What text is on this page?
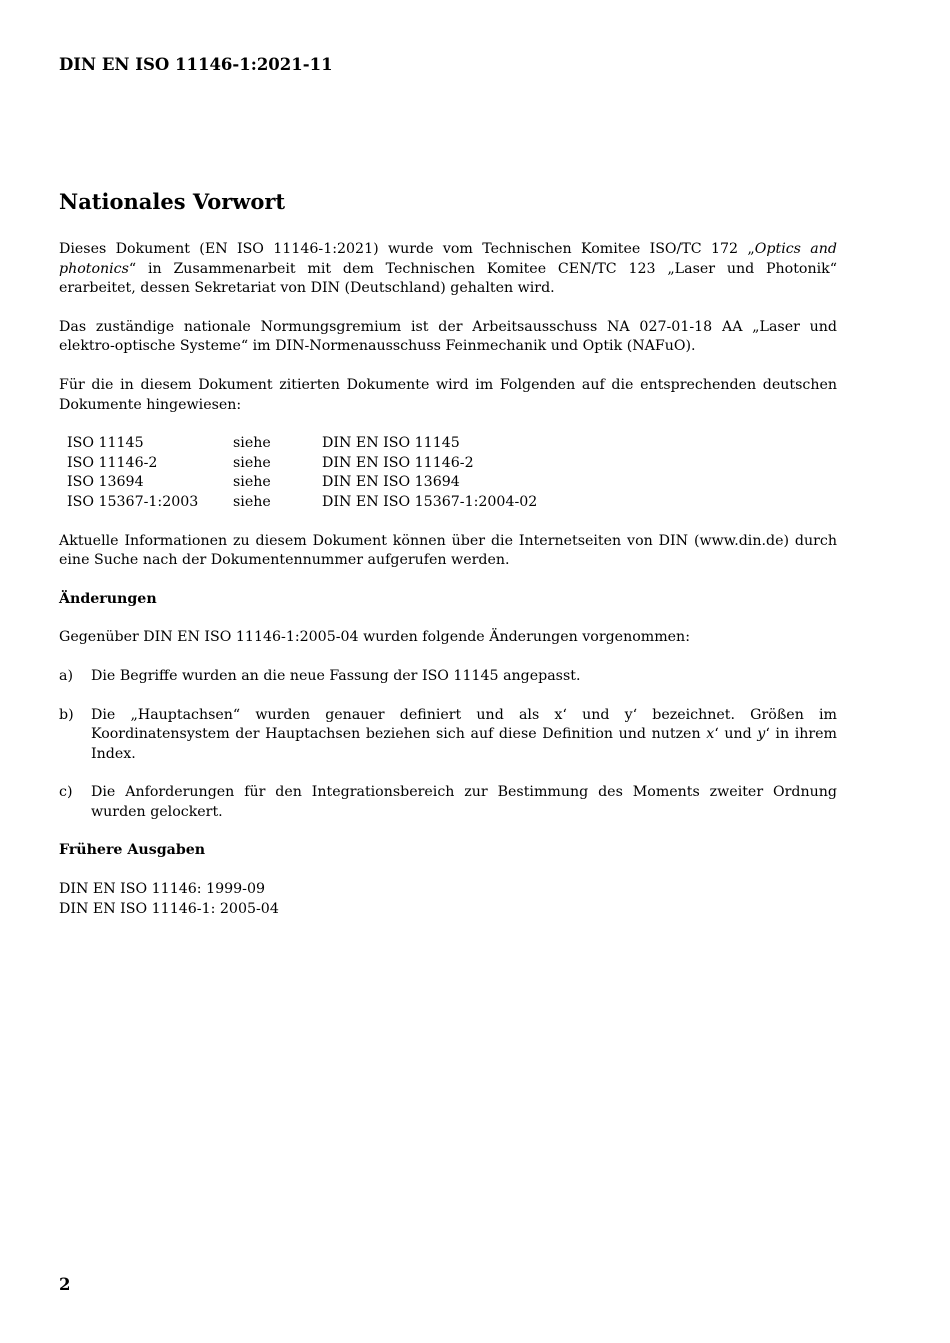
DIN EN ISO 11146-1:2021-11
Nationales Vorwort

Dieses Dokument (EN ISO 11146-1:2021) wurde vom Technischen Komitee ISO/TC 172 „Optics and photonics“ in Zusammenarbeit mit dem Technischen Komitee CEN/TC 123 „Laser und Photonik“ erarbeitet, dessen Sekretariat von DIN (Deutschland) gehalten wird.

Das zuständige nationale Normungsgremium ist der Arbeitsausschuss NA 027-01-18 AA „Laser und elektro-optische Systeme“ im DIN-Normenausschuss Feinmechanik und Optik (NAFuO).

Für die in diesem Dokument zitierten Dokumente wird im Folgenden auf die entsprechenden deutschen Dokumente hingewiesen:

ISO 11145	siehe	DIN EN ISO 11145
ISO 11146-2	siehe	DIN EN ISO 11146-2
ISO 13694	siehe	DIN EN ISO 13694
ISO 15367-1:2003	siehe	DIN EN ISO 15367-1:2004-02

Aktuelle Informationen zu diesem Dokument können über die Internetseiten von DIN (www.din.de) durch eine Suche nach der Dokumentennummer aufgerufen werden.

Änderungen

Gegenüber DIN EN ISO 11146-1:2005-04 wurden folgende Änderungen vorgenommen:

a)	Die Begriffe wurden an die neue Fassung der ISO 11145 angepasst.
b)	Die „Hauptachsen“ wurden genauer definiert und als x‘ und y‘ bezeichnet. Größen im Koordinatensystem der Hauptachsen beziehen sich auf diese Definition und nutzen x‘ und y‘ in ihrem Index.
c)	Die Anforderungen für den Integrationsbereich zur Bestimmung des Moments zweiter Ordnung wurden gelockert.
Frühere Ausgaben
DIN EN ISO 11146: 1999-09
DIN EN ISO 11146-1: 2005-04
2
